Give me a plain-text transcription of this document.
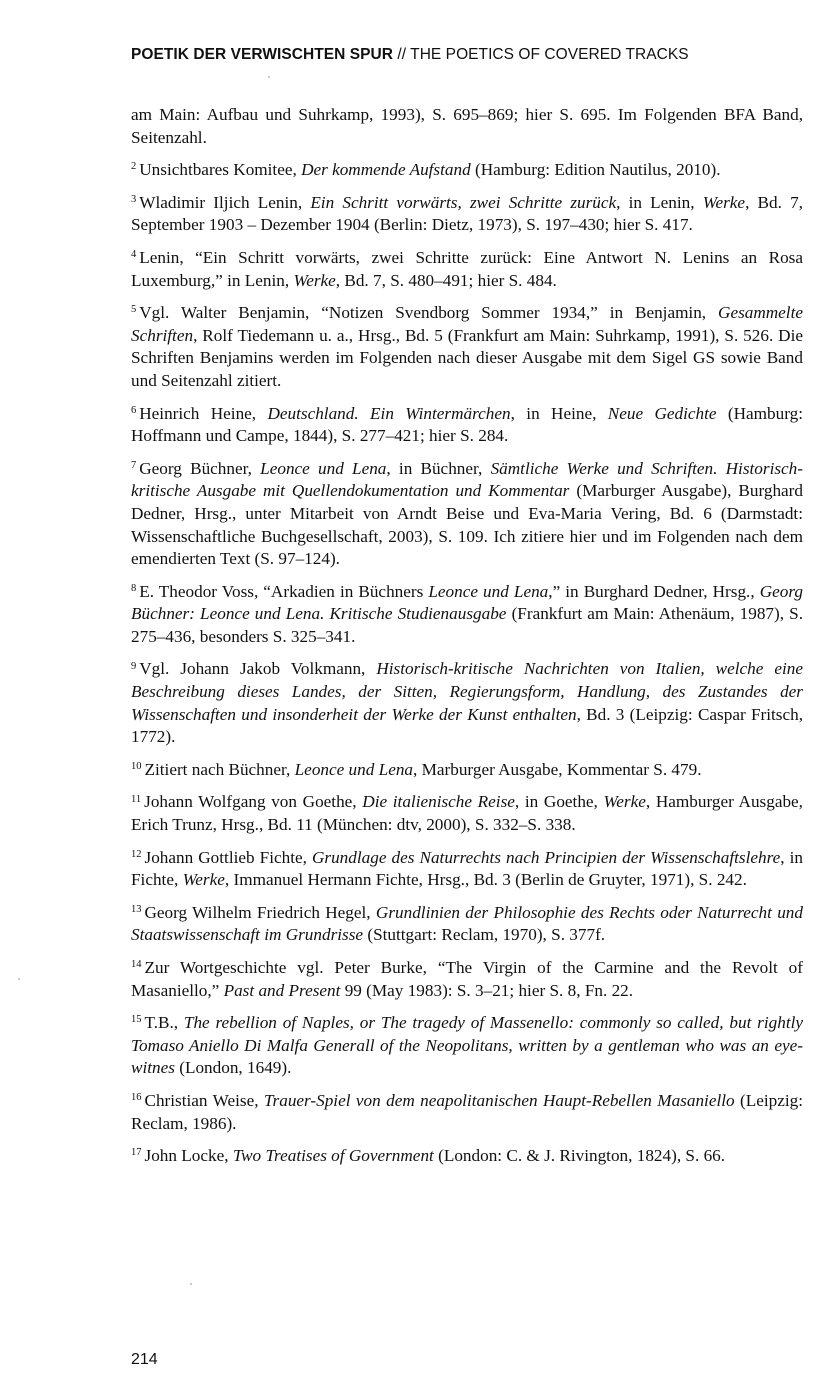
POETIK DER VERWISCHTEN SPUR // THE POETICS OF COVERED TRACKS

am Main: Aufbau und Suhrkamp, 1993), S. 695–869; hier S. 695. Im Folgenden BFA Band, Seitenzahl.

$^2$ Unsichtbares Komitee, Der kommende Aufstand (Hamburg: Edition Nautilus, 2010).

$^3$ Wladimir Iljich Lenin, Ein Schritt vorwärts, zwei Schritte zurück, in Lenin, Werke, Bd. 7, September 1903 – Dezember 1904 (Berlin: Dietz, 1973), S. 197–430; hier S. 417.

$^4$ Lenin, “Ein Schritt vorwärts, zwei Schritte zurück: Eine Antwort N. Lenins an Rosa Luxemburg,” in Lenin, Werke, Bd. 7, S. 480–491; hier S. 484.

$^5$ Vgl. Walter Benjamin, “Notizen Svendborg Sommer 1934,” in Benjamin, Gesammelte Schriften, Rolf Tiedemann u. a., Hrsg., Bd. 5 (Frankfurt am Main: Suhrkamp, 1991), S. 526. Die Schriften Benjamins werden im Folgenden nach dieser Ausgabe mit dem Sigel GS sowie Band und Seitenzahl zitiert.

$^6$ Heinrich Heine, Deutschland. Ein Wintermärchen, in Heine, Neue Gedichte (Hamburg: Hoffmann und Campe, 1844), S. 277–421; hier S. 284.

$^7$ Georg Büchner, Leonce und Lena, in Büchner, Sämtliche Werke und Schriften. Historisch-kritische Ausgabe mit Quellendokumentation und Kommentar (Marburger Ausgabe), Burghard Dedner, Hrsg., unter Mitarbeit von Arndt Beise und Eva-Maria Vering, Bd. 6 (Darmstadt: Wissenschaftliche Buchgesellschaft, 2003), S. 109. Ich zitiere hier und im Folgenden nach dem emendierten Text (S. 97–124).

$^8$ E. Theodor Voss, “Arkadien in Büchners Leonce und Lena,” in Burghard Dedner, Hrsg., Georg Büchner: Leonce und Lena. Kritische Studienausgabe (Frankfurt am Main: Athenäum, 1987), S. 275–436, besonders S. 325–341.

$^9$ Vgl. Johann Jakob Volkmann, Historisch-kritische Nachrichten von Italien, welche eine Beschreibung dieses Landes, der Sitten, Regierungsform, Handlung, des Zustandes der Wissenschaften und insonderheit der Werke der Kunst enthalten, Bd. 3 (Leipzig: Caspar Fritsch, 1772).

$^{10}$ Zitiert nach Büchner, Leonce und Lena, Marburger Ausgabe, Kommentar S. 479.

$^{11}$ Johann Wolfgang von Goethe, Die italienische Reise, in Goethe, Werke, Hamburger Ausgabe, Erich Trunz, Hrsg., Bd. 11 (München: dtv, 2000), S. 332–S. 338.

$^{12}$ Johann Gottlieb Fichte, Grundlage des Naturrechts nach Principien der Wissenschaftslehre, in Fichte, Werke, Immanuel Hermann Fichte, Hrsg., Bd. 3 (Berlin de Gruyter, 1971), S. 242.

$^{13}$ Georg Wilhelm Friedrich Hegel, Grundlinien der Philosophie des Rechts oder Naturrecht und Staatswissenschaft im Grundrisse (Stuttgart: Reclam, 1970), S. 377f.

$^{14}$ Zur Wortgeschichte vgl. Peter Burke, “The Virgin of the Carmine and the Revolt of Masaniello,” Past and Present 99 (May 1983): S. 3–21; hier S. 8, Fn. 22.

$^{15}$ T.B., The rebellion of Naples, or The tragedy of Massenello: commonly so called, but rightly Tomaso Aniello Di Malfa Generall of the Neopolitans, written by a gentleman who was an eye-witnes (London, 1649).

$^{16}$ Christian Weise, Trauer-Spiel von dem neapolitanischen Haupt-Rebellen Masaniello (Leipzig: Reclam, 1986).

$^{17}$ John Locke, Two Treatises of Government (London: C. & J. Rivington, 1824), S. 66.

214
